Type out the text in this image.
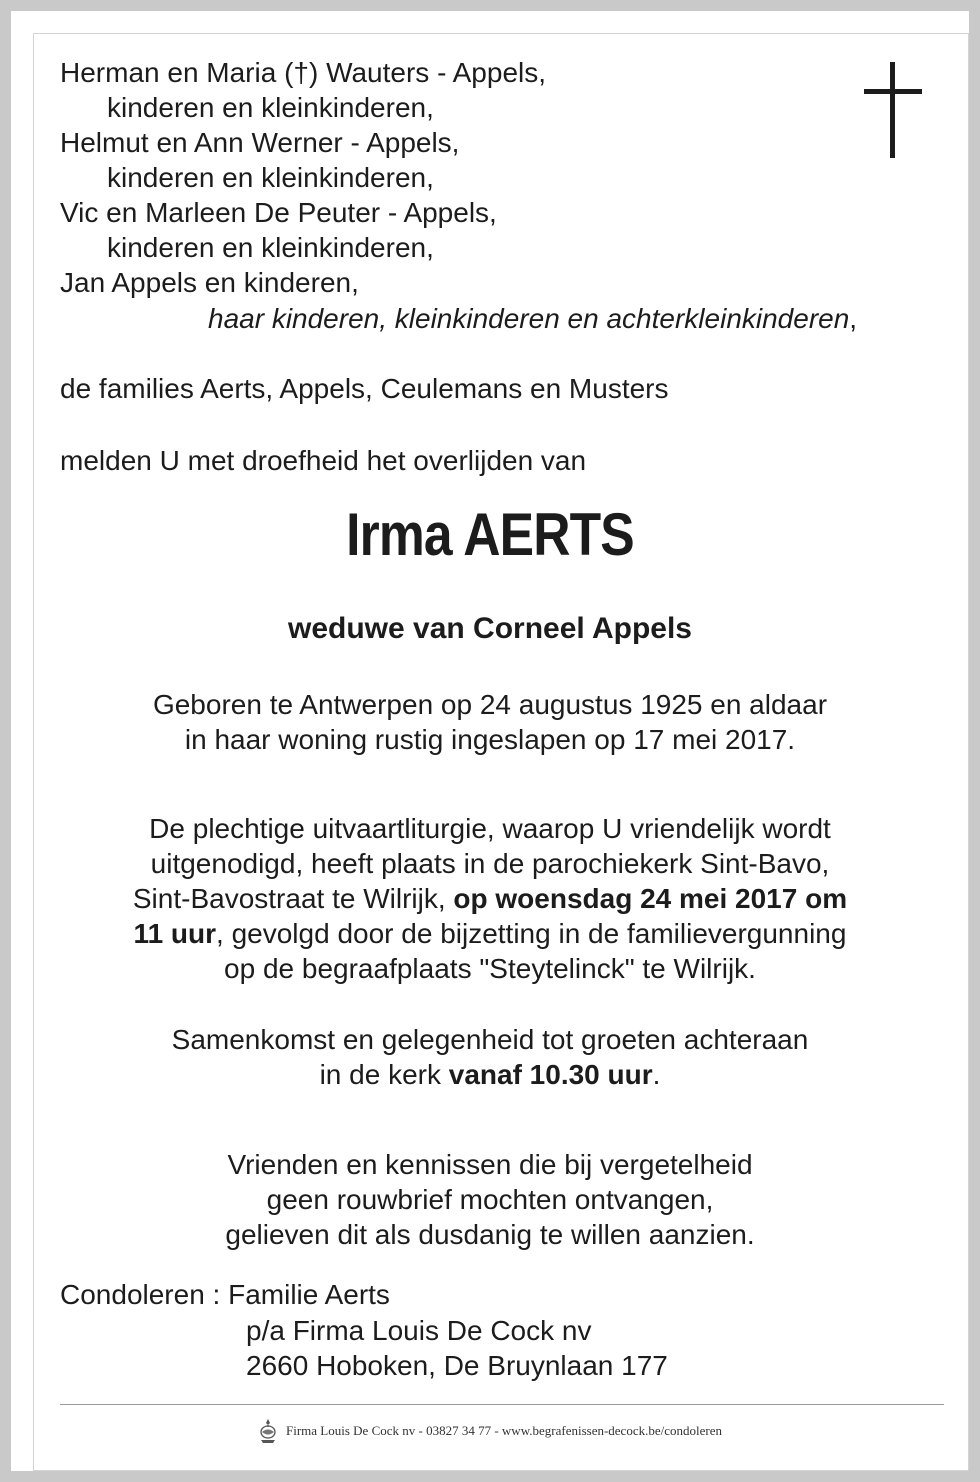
Herman en Maria (†) Wauters - Appels,
kinderen en kleinkinderen,
Helmut en Ann Werner - Appels,
kinderen en kleinkinderen,
Vic en Marleen De Peuter - Appels,
kinderen en kleinkinderen,
Jan Appels en kinderen,
haar kinderen, kleinkinderen en achterkleinkinderen,
de families Aerts, Appels, Ceulemans en Musters
melden U met droefheid het overlijden van
Irma AERTS
weduwe van Corneel Appels
Geboren te Antwerpen op 24 augustus 1925 en aldaar
in haar woning rustig ingeslapen op 17 mei 2017.
De plechtige uitvaartliturgie, waarop U vriendelijk wordt
uitgenodigd, heeft plaats in de parochiekerk Sint-Bavo,
Sint-Bavostraat te Wilrijk, op woensdag 24 mei 2017 om
11 uur, gevolgd door de bijzetting in de familievergunning
op de begraafplaats "Steytelinck" te Wilrijk.
Samenkomst en gelegenheid tot groeten achteraan
in de kerk vanaf 10.30 uur.
Vrienden en kennissen die bij vergetelheid
geen rouwbrief mochten ontvangen,
gelieven dit als dusdanig te willen aanzien.
Condoleren : Familie Aerts
p/a Firma Louis De Cock nv
2660 Hoboken, De Bruynlaan 177
Firma Louis De Cock nv - 03827 34 77 - www.begrafenissen-decock.be/condoleren
